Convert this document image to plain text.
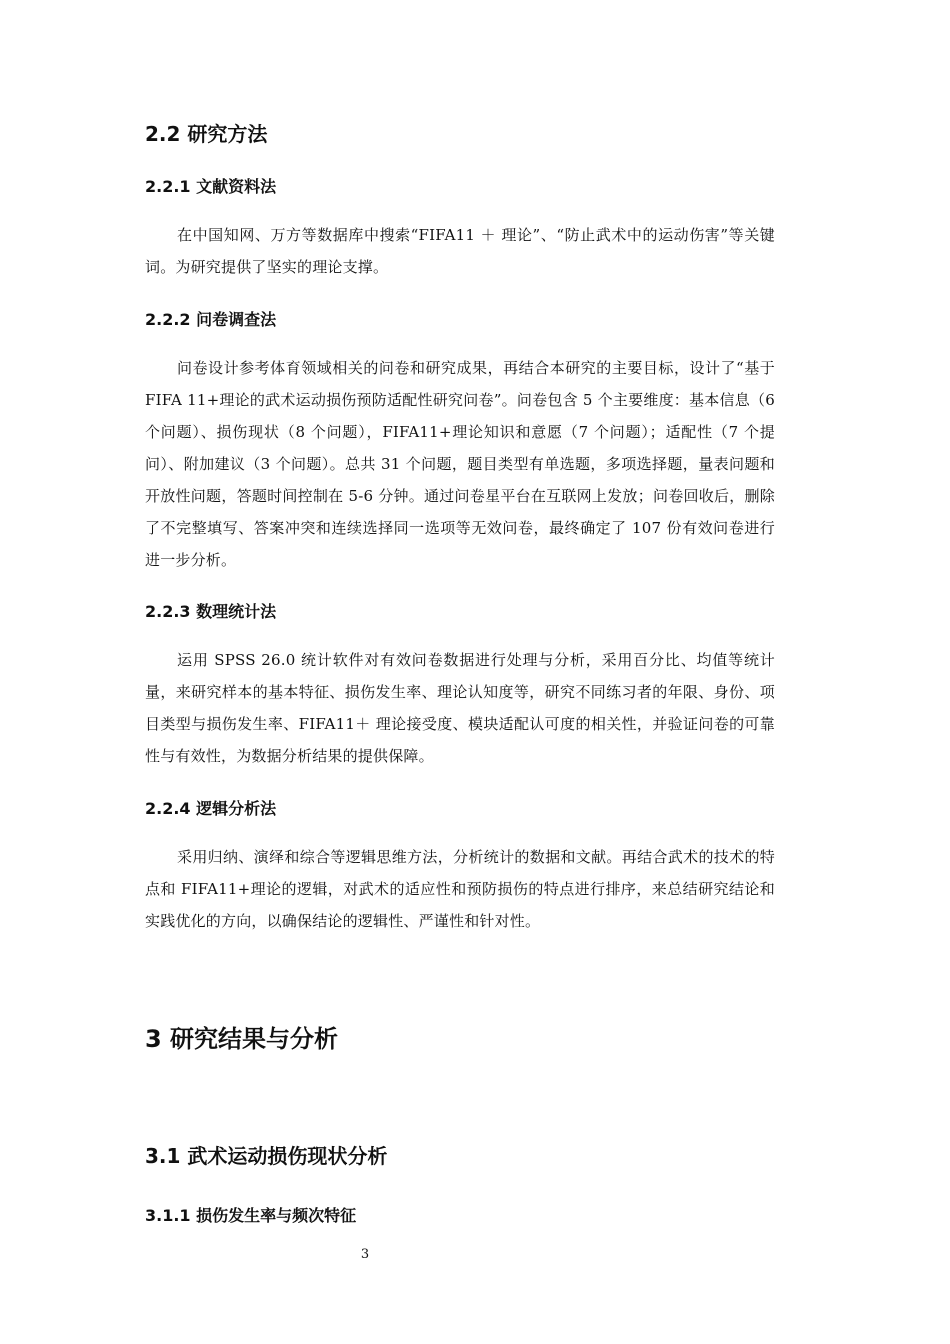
2.2 研究方法
2.2.1 文献资料法

在中国知网、万方等数据库中搜索“FIFA11 ＋ 理论”、“防止武术中的运动伤害”等关键词。为研究提供了坚实的理论支撑。

2.2.2 问卷调查法

问卷设计参考体育领域相关的问卷和研究成果，再结合本研究的主要目标，设计了“基于 FIFA 11+理论的武术运动损伤预防适配性研究问卷”。问卷包含 5 个主要维度：基本信息（6 个问题）、损伤现状（8 个问题），FIFA11+理论知识和意愿（7 个问题）；适配性（7 个提问）、附加建议（3 个问题）。总共 31 个问题，题目类型有单选题，多项选择题，量表问题和开放性问题，答题时间控制在 5-6 分钟。通过问卷星平台在互联网上发放；问卷回收后，删除了不完整填写、答案冲突和连续选择同一选项等无效问卷，最终确定了 107 份有效问卷进行进一步分析。

2.2.3 数理统计法

运用 SPSS 26.0 统计软件对有效问卷数据进行处理与分析，采用百分比、均值等统计量，来研究样本的基本特征、损伤发生率、理论认知度等，研究不同练习者的年限、身份、项目类型与损伤发生率、FIFA11＋ 理论接受度、模块适配认可度的相关性，并验证问卷的可靠性与有效性，为数据分析结果的提供保障。

2.2.4 逻辑分析法

采用归纳、演绎和综合等逻辑思维方法，分析统计的数据和文献。再结合武术的技术的特点和 FIFA11+理论的逻辑，对武术的适应性和预防损伤的特点进行排序，来总结研究结论和实践优化的方向，以确保结论的逻辑性、严谨性和针对性。

3 研究结果与分析
3.1 武术运动损伤现状分析
3.1.1 损伤发生率与频次特征
3
